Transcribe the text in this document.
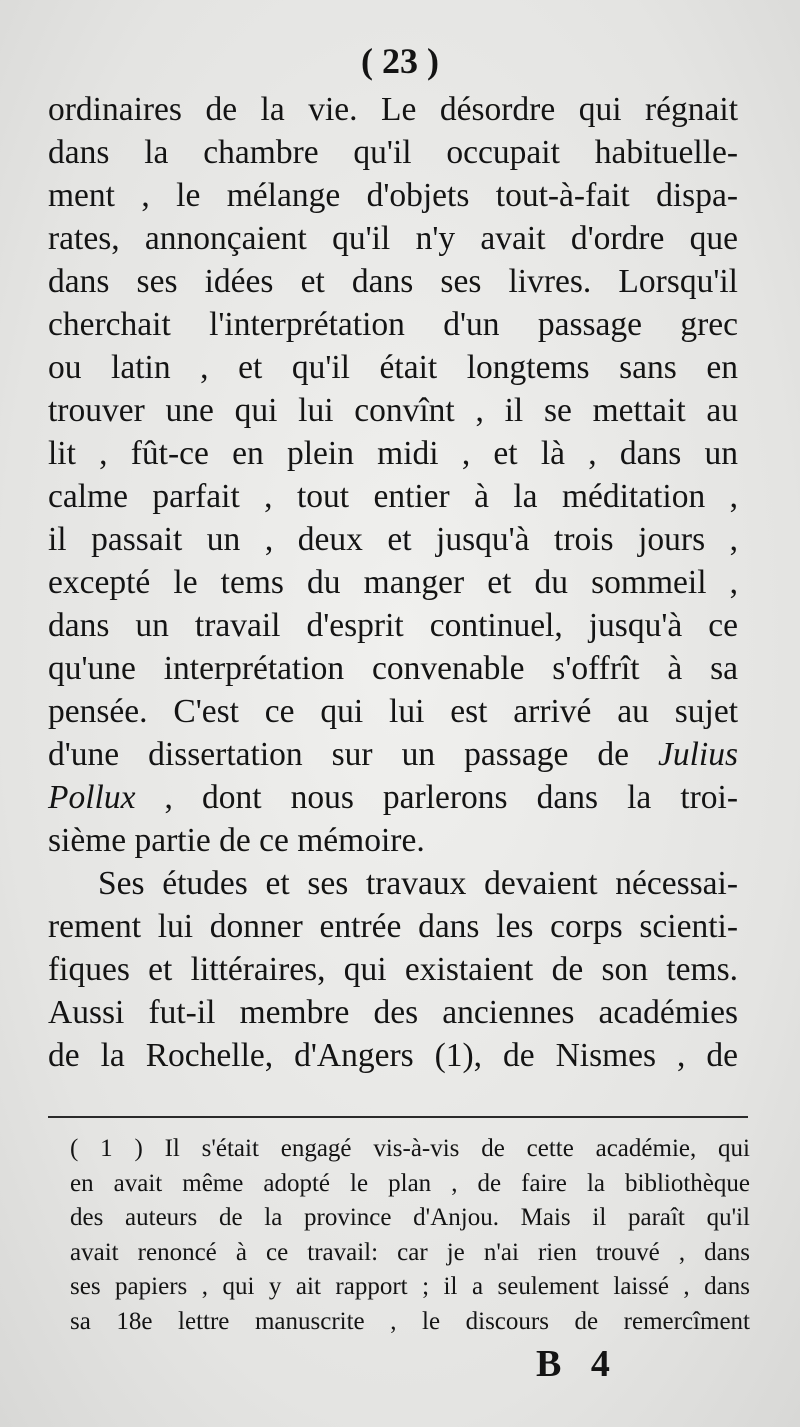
( 23 )
ordinaires de la vie. Le désordre qui régnait
dans la chambre qu'il occupait habituelle-
ment , le mélange d'objets tout-à-fait dispa-
rates, annonçaient qu'il n'y avait d'ordre que
dans ses idées et dans ses livres. Lorsqu'il
cherchait l'interprétation d'un passage grec
ou latin , et qu'il était longtems sans en
trouver une qui lui convînt , il se mettait au
lit , fût-ce en plein midi , et là , dans un
calme parfait , tout entier à la méditation ,
il passait un , deux et jusqu'à trois jours ,
excepté le tems du manger et du sommeil ,
dans un travail d'esprit continuel, jusqu'à ce
qu'une interprétation convenable s'offrît à sa
pensée. C'est ce qui lui est arrivé au sujet
d'une dissertation sur un passage de Julius
Pollux , dont nous parlerons dans la troi-
sième partie de ce mémoire.
Ses études et ses travaux devaient nécessai-
rement lui donner entrée dans les corps scienti-
fiques et littéraires, qui existaient de son tems.
Aussi fut-il membre des anciennes académies
de la Rochelle, d'Angers (1), de Nismes , de
( 1 ) Il s'était engagé vis-à-vis de cette académie, qui
en avait même adopté le plan , de faire la bibliothèque
des auteurs de la province d'Anjou. Mais il paraît qu'il
avait renoncé à ce travail: car je n'ai rien trouvé , dans
ses papiers , qui y ait rapport ; il a seulement laissé , dans
sa 18e lettre manuscrite , le discours de remercîment
B 4
